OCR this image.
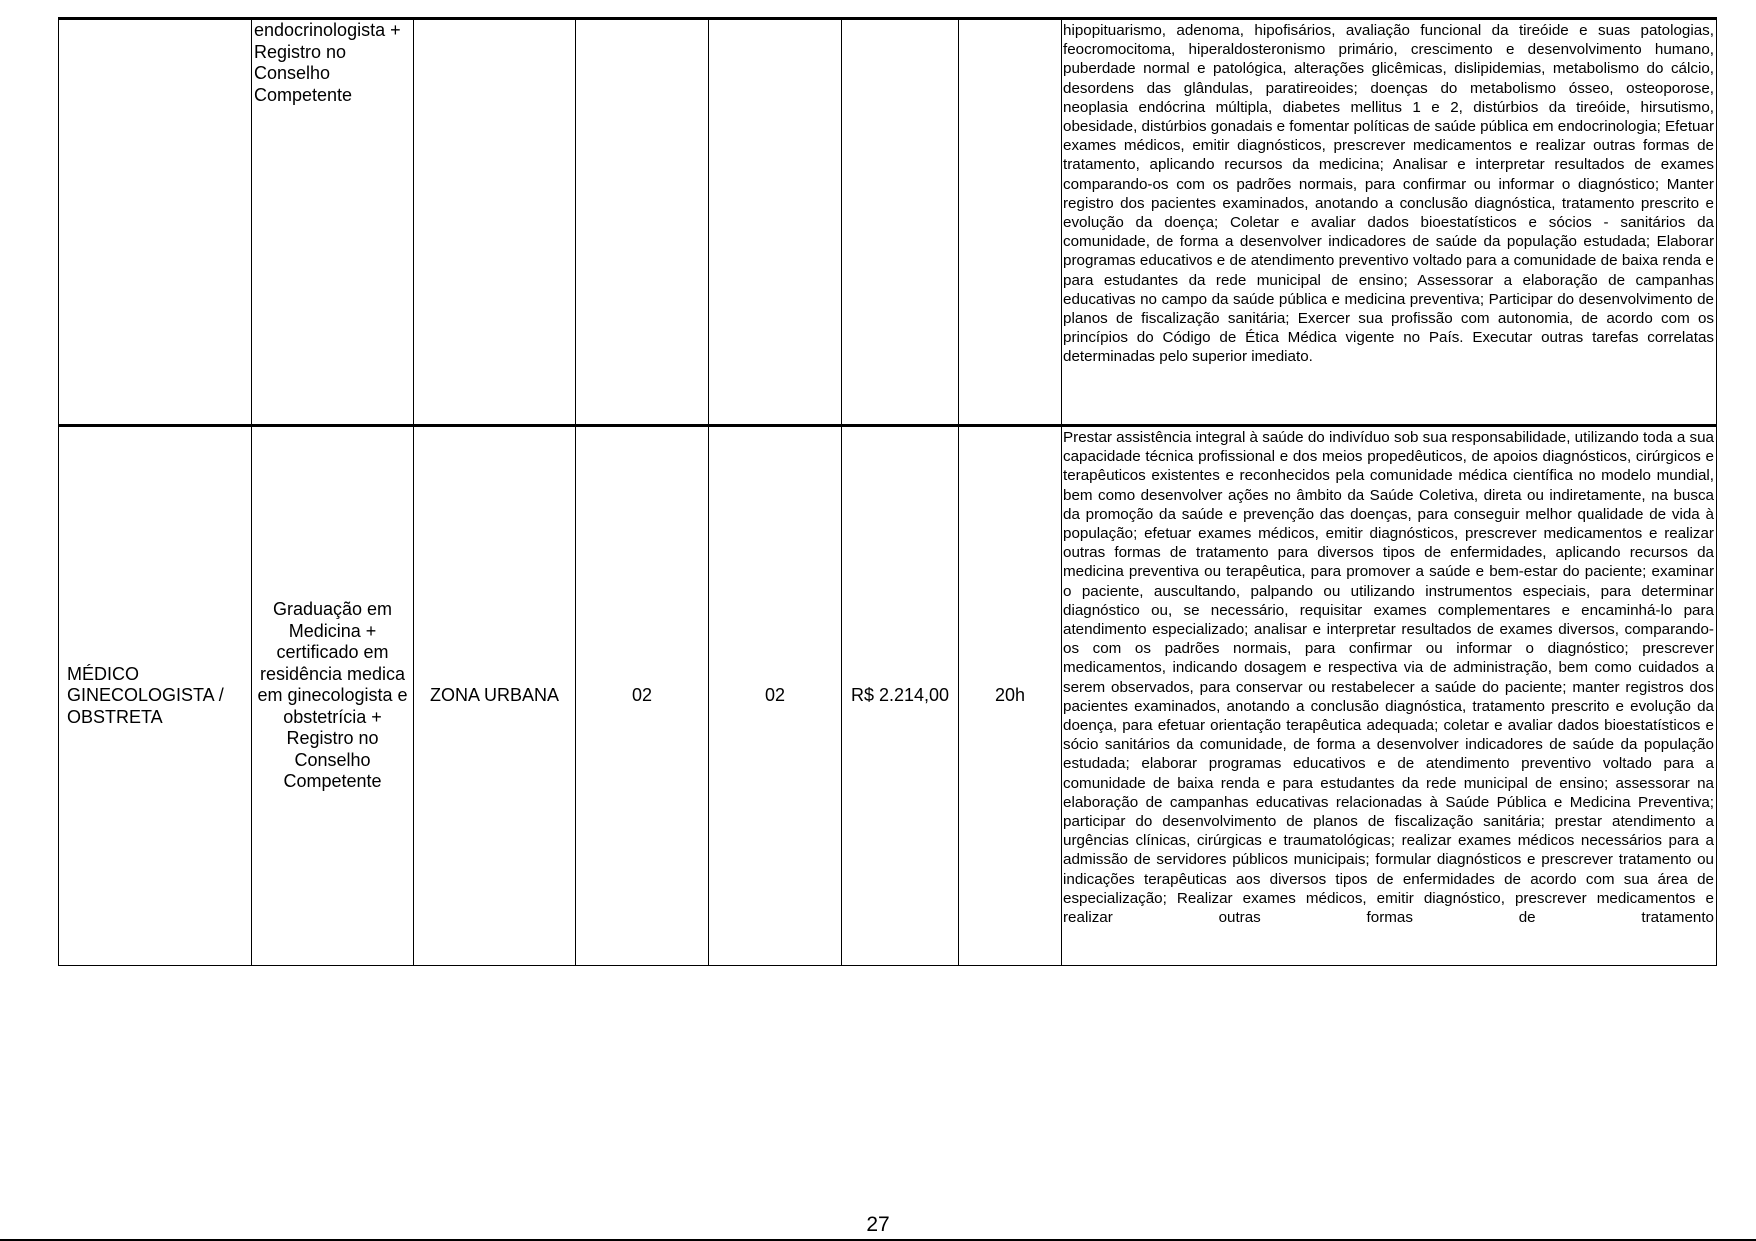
	endocrinologista + Registro no Conselho Competente						hipopituarismo, adenoma, hipofisários, avaliação funcional da tireóide e suas patologias, feocromocitoma, hiperaldosteronismo primário, crescimento e desenvolvimento humano, puberdade normal e patológica, alterações glicêmicas, dislipidemias, metabolismo do cálcio, desordens das glândulas, paratireoides; doenças do metabolismo ósseo, osteoporose, neoplasia endócrina múltipla, diabetes mellitus 1 e 2, distúrbios da tireóide, hirsutismo, obesidade, distúrbios gonadais e fomentar políticas de saúde pública em endocrinologia; Efetuar exames médicos, emitir diagnósticos, prescrever medicamentos e realizar outras formas de tratamento, aplicando recursos da medicina; Analisar e interpretar resultados de exames comparando-os com os padrões normais, para confirmar ou informar o diagnóstico; Manter registro dos pacientes examinados, anotando a conclusão diagnóstica, tratamento prescrito e evolução da doença; Coletar e avaliar dados bioestatísticos e sócios - sanitários da comunidade, de forma a desenvolver indicadores de saúde da população estudada; Elaborar programas educativos e de atendimento preventivo voltado para a comunidade de baixa renda e para estudantes da rede municipal de ensino; Assessorar a elaboração de campanhas educativas no campo da saúde pública e medicina preventiva; Participar do desenvolvimento de planos de fiscalização sanitária; Exercer sua profissão com autonomia, de acordo com os princípios do Código de Ética Médica vigente no País. Executar outras tarefas correlatas determinadas pelo superior imediato.
MÉDICO GINECOLOGISTA / OBSTRETA	Graduação em Medicina + certificado em residência medica em ginecologista e obstetrícia + Registro no Conselho Competente	ZONA URBANA	02	02	R$ 2.214,00	20h	Prestar assistência integral à saúde do indivíduo sob sua responsabilidade, utilizando toda a sua capacidade técnica profissional e dos meios propedêuticos, de apoios diagnósticos, cirúrgicos e terapêuticos existentes e reconhecidos pela comunidade médica científica no modelo mundial, bem como desenvolver ações no âmbito da Saúde Coletiva, direta ou indiretamente, na busca da promoção da saúde e prevenção das doenças, para conseguir melhor qualidade de vida à população; efetuar exames médicos, emitir diagnósticos, prescrever medicamentos e realizar outras formas de tratamento para diversos tipos de enfermidades, aplicando recursos da medicina preventiva ou terapêutica, para promover a saúde e bem-estar do paciente; examinar o paciente, auscultando, palpando ou utilizando instrumentos especiais, para determinar diagnóstico ou, se necessário, requisitar exames complementares e encaminhá-lo para atendimento especializado; analisar e interpretar resultados de exames diversos, comparando-os com os padrões normais, para confirmar ou informar o diagnóstico; prescrever medicamentos, indicando dosagem e respectiva via de administração, bem como cuidados a serem observados, para conservar ou restabelecer a saúde do paciente; manter registros dos pacientes examinados, anotando a conclusão diagnóstica, tratamento prescrito e evolução da doença, para efetuar orientação terapêutica adequada; coletar e avaliar dados bioestatísticos e sócio sanitários da comunidade, de forma a desenvolver indicadores de saúde da população estudada; elaborar programas educativos e de atendimento preventivo voltado para a comunidade de baixa renda e para estudantes da rede municipal de ensino; assessorar na elaboração de campanhas educativas relacionadas à Saúde Pública e Medicina Preventiva; participar do desenvolvimento de planos de fiscalização sanitária; prestar atendimento a urgências clínicas, cirúrgicas e traumatológicas; realizar exames médicos necessários para a admissão de servidores públicos municipais; formular diagnósticos e prescrever tratamento ou indicações terapêuticas aos diversos tipos de enfermidades de acordo com sua área de especialização; Realizar exames médicos, emitir diagnóstico, prescrever medicamentos e realizar outras formas de tratamento
27
